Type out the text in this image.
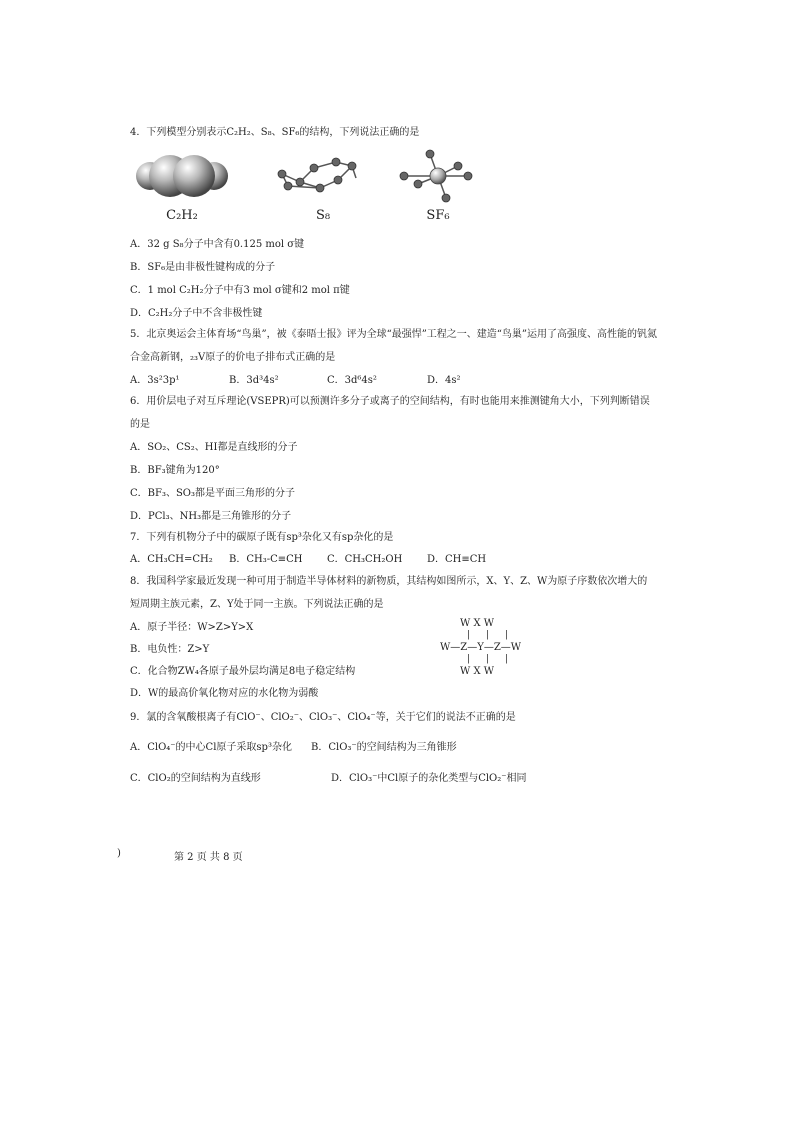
4．下列模型分别表示C₂H₂、S₈、SF₆的结构，下列说法正确的是
C₂H₂	S₈	SF₆
A．32 g S₈分子中含有0.125 mol σ键
B．SF₆是由非极性键构成的分子
C．1 mol C₂H₂分子中有3 mol σ键和2 mol π键
D．C₂H₂分子中不含非极性键
5．北京奥运会主体育场“鸟巢”，被《泰晤士报》评为全球“最强悍”工程之一、建造“鸟巢”运用了高强度、高性能的钒氮
合金高新钢，₂₃V原子的价电子排布式正确的是
A．3s²3p¹	B．3d³4s²	C．3d⁶4s²	D．4s²
6．用价层电子对互斥理论(VSEPR)可以预测许多分子或离子的空间结构，有时也能用来推测键角大小，下列判断错误
的是
A．SO₂、CS₂、HI都是直线形的分子
B．BF₃键角为120°
C．BF₃、SO₃都是平面三角形的分子
D．PCl₃、NH₃都是三角锥形的分子
7．下列有机物分子中的碳原子既有sp³杂化又有sp杂化的是
A．CH₃CH=CH₂ B．CH₃-C≡CH C．CH₃CH₂OH D．CH≡CH
8．我国科学家最近发现一种可用于制造半导体材料的新物质，其结构如图所示，X、Y、Z、W为原子序数依次增大的
短周期主族元素，Z、Y处于同一主族。下列说法正确的是
A．原子半径：W>Z>Y>X
B．电负性：Z>Y
C．化合物ZW₄各原子最外层均满足8电子稳定结构
D．W的最高价氧化物对应的水化物为弱酸
W X W
| | |
W—Z—Y—Z—W
| | |
W X W
9．氯的含氧酸根离子有ClO⁻、ClO₂⁻、ClO₃⁻、ClO₄⁻等，关于它们的说法不正确的是
A．ClO₄⁻的中心Cl原子采取sp³杂化 B．ClO₃⁻的空间结构为三角锥形
C．ClO₂的空间结构为直线形	D．ClO₃⁻中Cl原子的杂化类型与ClO₂⁻相同
)	第 2 页 共 8 页
